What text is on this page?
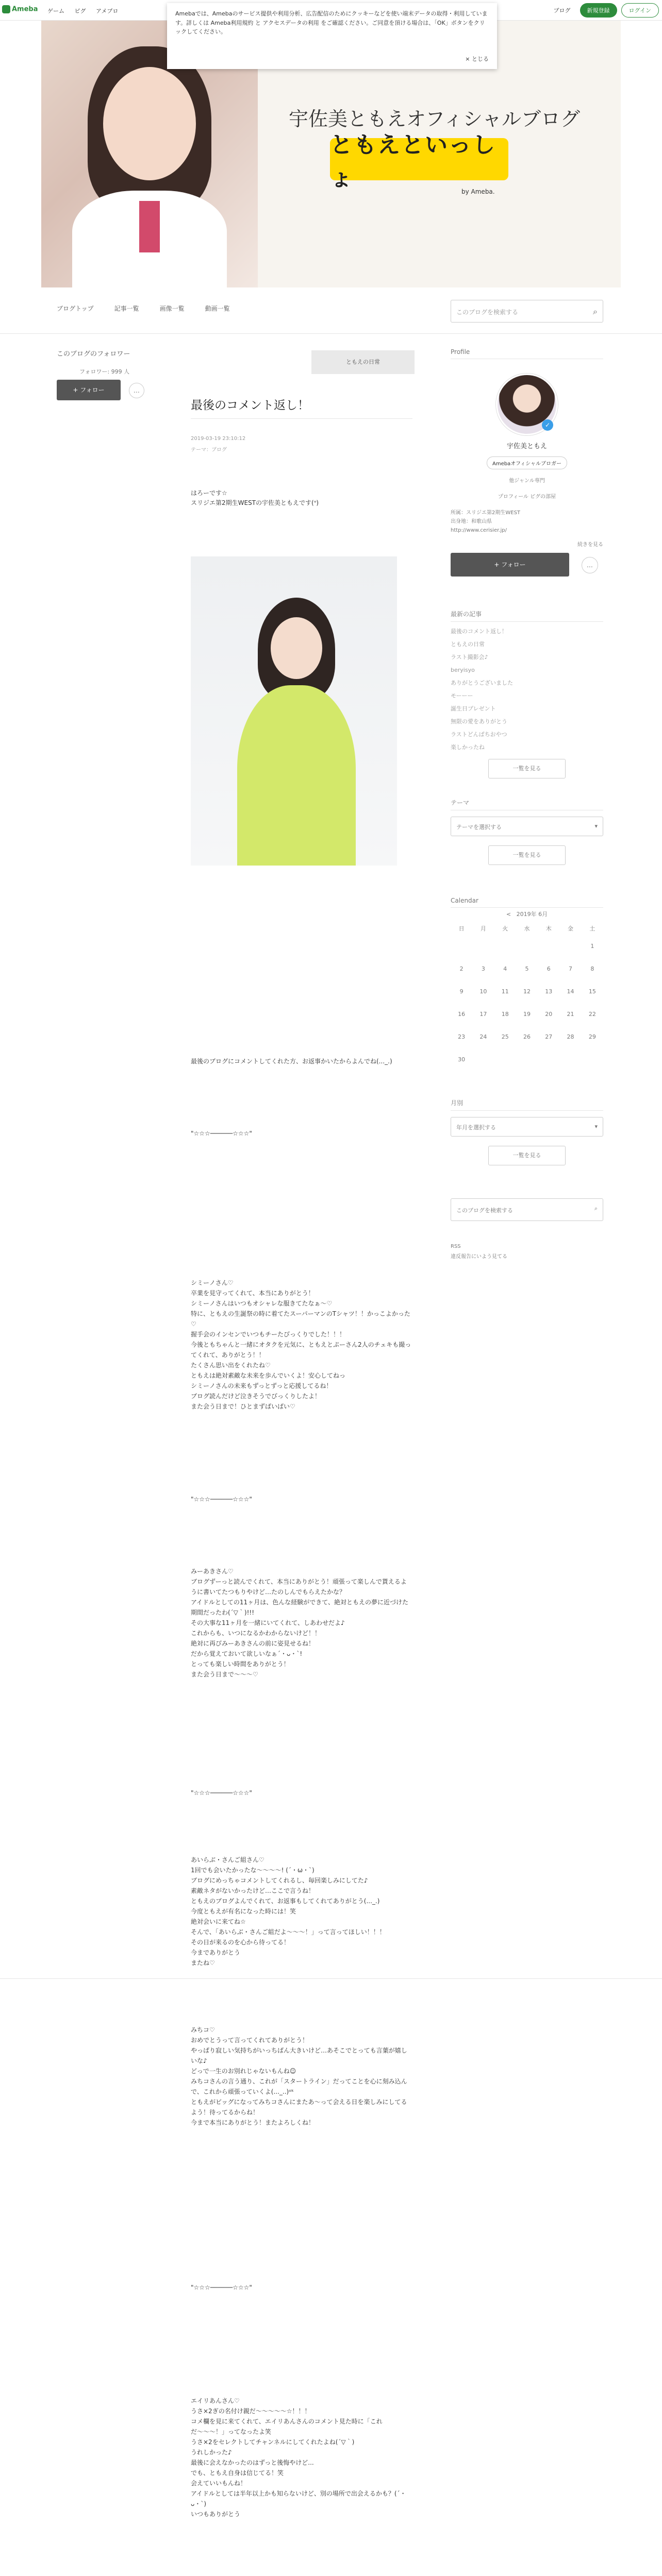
Ameba ゲーム ピグ アメブロ	ブログ	新規登録	ログイン
Amebaでは、Amebaのサービス提供や利用分析、広告配信のためにクッキーなどを使い端末データの取得・利用しています。詳しくは Ameba利用規約 と アクセスデータの利用 をご確認ください。ご同意を頂ける場合は、「OK」ボタンをクリックしてください。
× とじる
宇佐美ともえオフィシャルブログ
ともえといっしょ
by Ameba.
ブログトップ	記事一覧	画像一覧	動画一覧	このブログを検索する	⌕
このブログのフォロワー
フォロワー: 999 人
+ フォロー	…
ともえの日常
最後のコメント返し！
2019-03-19 23:10:12
テーマ：ブログ
はろーです☆
スリジエ第2期生WESTの宇佐美ともえです(ᐡ)
最後のブログにコメントしてくれた方、お返事かいたからよんでね(..._.)

"☆☆☆──────☆☆☆"
シミーノさん♡
卒業を見守ってくれて、本当にありがとう！
シミーノさんはいつもオシャレな服きてたなぁ〜♡
特に、ともえの生誕祭の時に着てたスーパーマンのTシャツ！！かっこよかった♡
握手会のインセンでいつもチーたびっくりでした！！！
今後ともちゃんと一緒にオタクを元気に、ともえとぷーさん2人のチェキも撮ってくれて、ありがとう！！
たくさん思い出をくれたね♡
ともえは絶対素敵な未来を歩んでいくよ！安心してねっ
シミーノさんの未来もずっとずっと応援してるね！
ブログ読んだけど泣きそうでびっくりしたよ！
また会う日まで！ひとまずばいばい♡
"☆☆☆──────☆☆☆"
みーあきさん♡
ブログずーっと読んでくれて、本当にありがとう！頑張って楽しんで貰えるように書いてたつもりやけど…たのしんでもらえたかな？
アイドルとしての11ヶ月は、色んな経験ができて、絶対ともえの夢に近づけた期間だったわ(´▽｀)!!!
その大事な11ヶ月を一緒にいてくれて、しあわせだよ♪
これからも、いつになるかわからないけど！！
絶対に再びみーあきさんの前に姿見せるね！
だから覚えておいて欲しいなぁ´・ᴗ・`!
とっても楽しい時間をありがとう！
また会う日まで〜〜〜♡
"☆☆☆──────☆☆☆"
あいらぶ・さんご組さん♡
1回でも会いたかったな〜〜〜〜! (´・ω・`)
ブログにめっちゃコメントしてくれるし、毎回楽しみにしてた♪
素敵ネタがないかったけど…ここで言うね！
ともえのブログよんでくれて、お返事もしてくれてありがとう(..._.)
今度ともえが有名になった時には！笑
絶対会いに来てね☆
そんで、「あいらぶ・さんご組だよ〜〜〜！」って言ってほしい！！！
その日が来るのを心から待ってる！
今までありがとう
またね♡
みちコ♡
おめでとうって言ってくれてありがとう！
やっぱり寂しい気持ちがいっちばん大きいけど…あそこでとっても言葉が嬉しいな♪
どっで一生のお別れじゃないもんね☺
みちコさんの言う通り、これが「スタートライン」だってことを心に刻み込んで、これから頑張っていくよ(..._..)ᵒᵏ
ともえがビッグになってみちコさんにまたあ〜って会える日を楽しみにしてるよう！待ってるからね！
今まで本当にありがとう！またよろしくね！
"☆☆☆──────☆☆☆"
エイリあんさん♡
うさ×2ぎの名付け親だ〜〜〜〜〜☆！！！
コメ欄を見に来てくれて、エイリあんさんのコメント見た時に「これだ〜〜〜！」ってなったよ笑
うさ×2をセレクトしてチャンネルにしてくれたよね(´▽｀)
うれしかった♪
最後に会えなかったのはずっと後悔やけど...
でも、ともえ自身は信じてる！笑
会えていいもんね！
アイドルとしては半年以上かも知らないけど、別の場所で出会えるかも？(´・ᴗ・`)
いつもありがとう
Profile
✓
宇佐美ともえ
Amebaオフィシャルブロガー
他ジャンル専門
プロフィール ピグの部屋
所属：スリジエ第2期生WEST
出身地：和歌山県
http://www.cerisier.jp/
続きを見る
+ フォロー	…
最新の記事
最後のコメント返し！
ともえの日常
ラスト撮影会♪
beryisyo
ありがとうございました
モーーー
誕生日プレゼント
無限の愛をありがとう
ラストどんぱちおやつ
楽しかったね
一覧を見る
テーマ
テーマを選択する	▾
一覧を見る
Calendar
< 2019年 6月
日	月	火	水	木	金	土
						1
2	3	4	5	6	7	8
9	10	11	12	13	14	15
16	17	18	19	20	21	22
23	24	25	26	27	28	29
30						
月別
年月を選択する	▾
一覧を見る
このブログを検索する	⌕
RSS
違反報告にいよう見てる
